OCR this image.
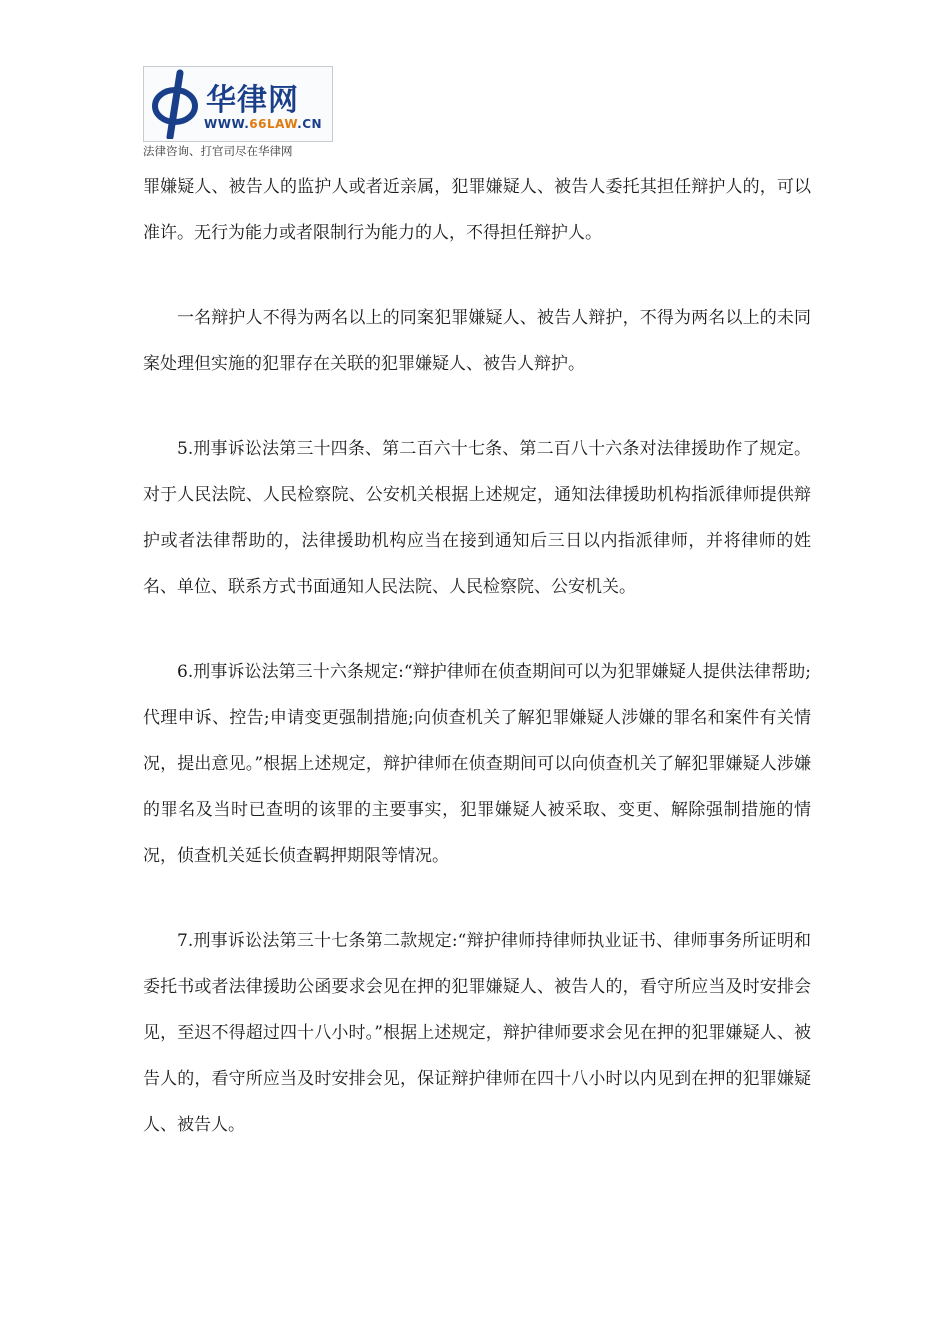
华律网
WWW.66LAW.CN
法律咨询、打官司尽在华律网

罪嫌疑人、被告人的监护人或者近亲属，犯罪嫌疑人、被告人委托其担任辩护人的，可以准许。无行为能力或者限制行为能力的人，不得担任辩护人。

一名辩护人不得为两名以上的同案犯罪嫌疑人、被告人辩护，不得为两名以上的未同案处理但实施的犯罪存在关联的犯罪嫌疑人、被告人辩护。

5.刑事诉讼法第三十四条、第二百六十七条、第二百八十六条对法律援助作了规定。对于人民法院、人民检察院、公安机关根据上述规定，通知法律援助机构指派律师提供辩护或者法律帮助的，法律援助机构应当在接到通知后三日以内指派律师，并将律师的姓名、单位、联系方式书面通知人民法院、人民检察院、公安机关。

6.刑事诉讼法第三十六条规定:“辩护律师在侦查期间可以为犯罪嫌疑人提供法律帮助;代理申诉、控告;申请变更强制措施;向侦查机关了解犯罪嫌疑人涉嫌的罪名和案件有关情况，提出意见。”根据上述规定，辩护律师在侦查期间可以向侦查机关了解犯罪嫌疑人涉嫌的罪名及当时已查明的该罪的主要事实，犯罪嫌疑人被采取、变更、解除强制措施的情况，侦查机关延长侦查羁押期限等情况。

7.刑事诉讼法第三十七条第二款规定:“辩护律师持律师执业证书、律师事务所证明和委托书或者法律援助公函要求会见在押的犯罪嫌疑人、被告人的，看守所应当及时安排会见，至迟不得超过四十八小时。”根据上述规定，辩护律师要求会见在押的犯罪嫌疑人、被告人的，看守所应当及时安排会见，保证辩护律师在四十八小时以内见到在押的犯罪嫌疑人、被告人。
